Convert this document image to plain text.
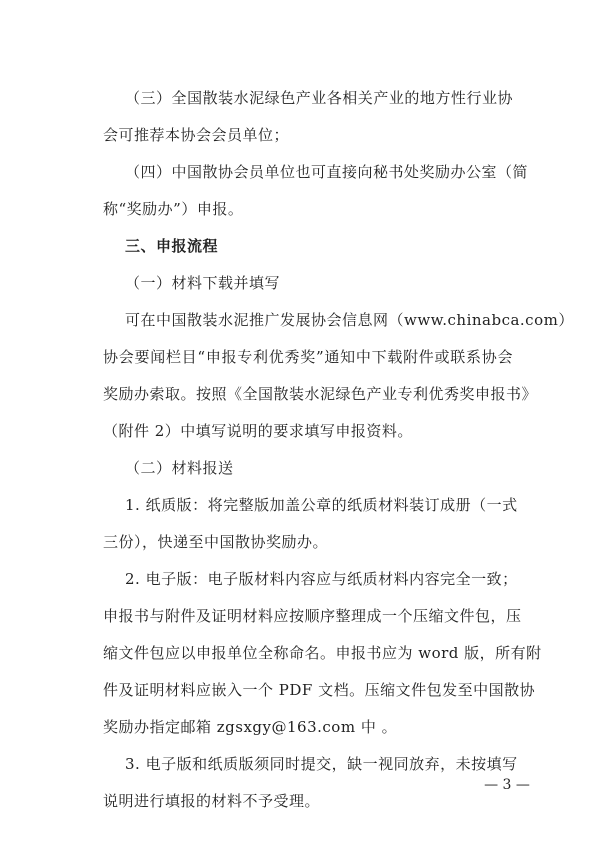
（三）全国散装水泥绿色产业各相关产业的地方性行业协
会可推荐本协会会员单位；
（四）中国散协会员单位也可直接向秘书处奖励办公室（简
称“奖励办”）申报。
三、申报流程
（一）材料下载并填写
可在中国散装水泥推广发展协会信息网（www.chinabca.com）
协会要闻栏目“申报专利优秀奖”通知中下载附件或联系协会
奖励办索取。按照《全国散装水泥绿色产业专利优秀奖申报书》
（附件 2）中填写说明的要求填写申报资料。
（二）材料报送
1. 纸质版：将完整版加盖公章的纸质材料装订成册（一式
三份），快递至中国散协奖励办。
2. 电子版：电子版材料内容应与纸质材料内容完全一致；
申报书与附件及证明材料应按顺序整理成一个压缩文件包，压
缩文件包应以申报单位全称命名。申报书应为 word 版，所有附
件及证明材料应嵌入一个 PDF 文档。压缩文件包发至中国散协
奖励办指定邮箱 zgsxgy@163.com 中 。
3. 电子版和纸质版须同时提交，缺一视同放弃，未按填写
说明进行填报的材料不予受理。
— 3 —
